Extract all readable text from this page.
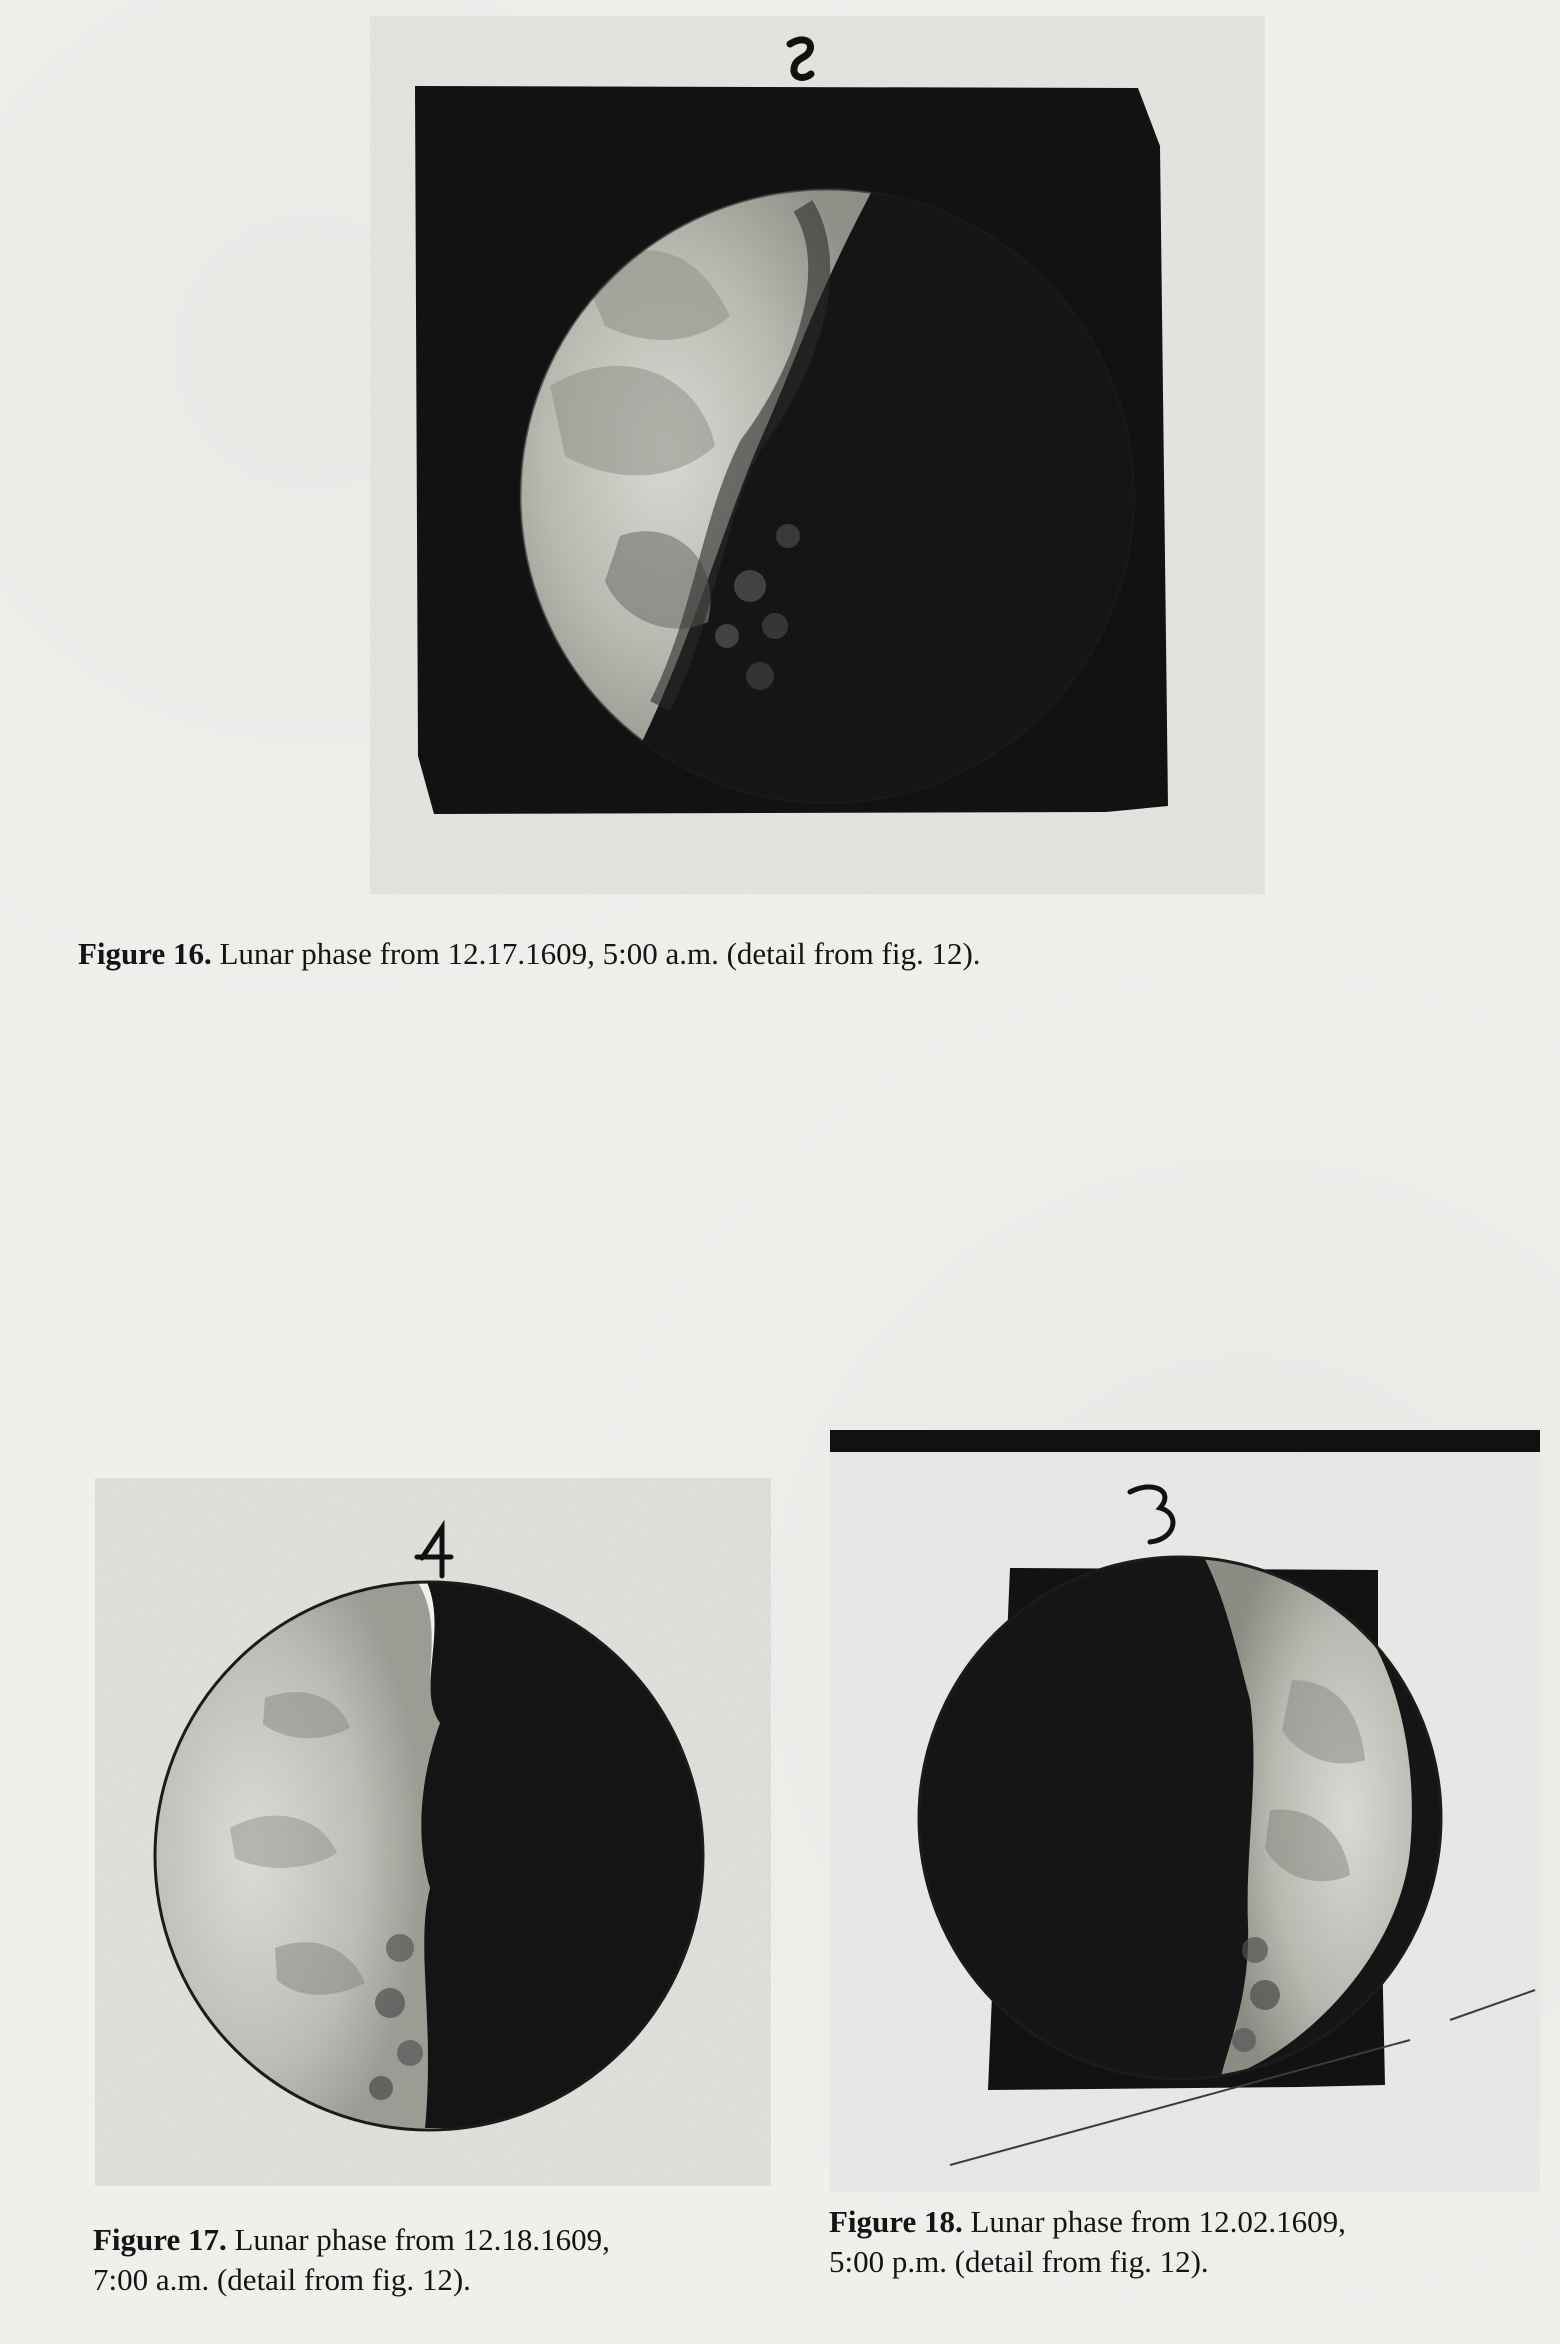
Figure 16. Lunar phase from 12.17.1609, 5:00 a.m. (detail from fig. 12).
Figure 17. Lunar phase from 12.18.1609,
7:00 a.m. (detail from fig. 12).
Figure 18. Lunar phase from 12.02.1609,
5:00 p.m. (detail from fig. 12).
